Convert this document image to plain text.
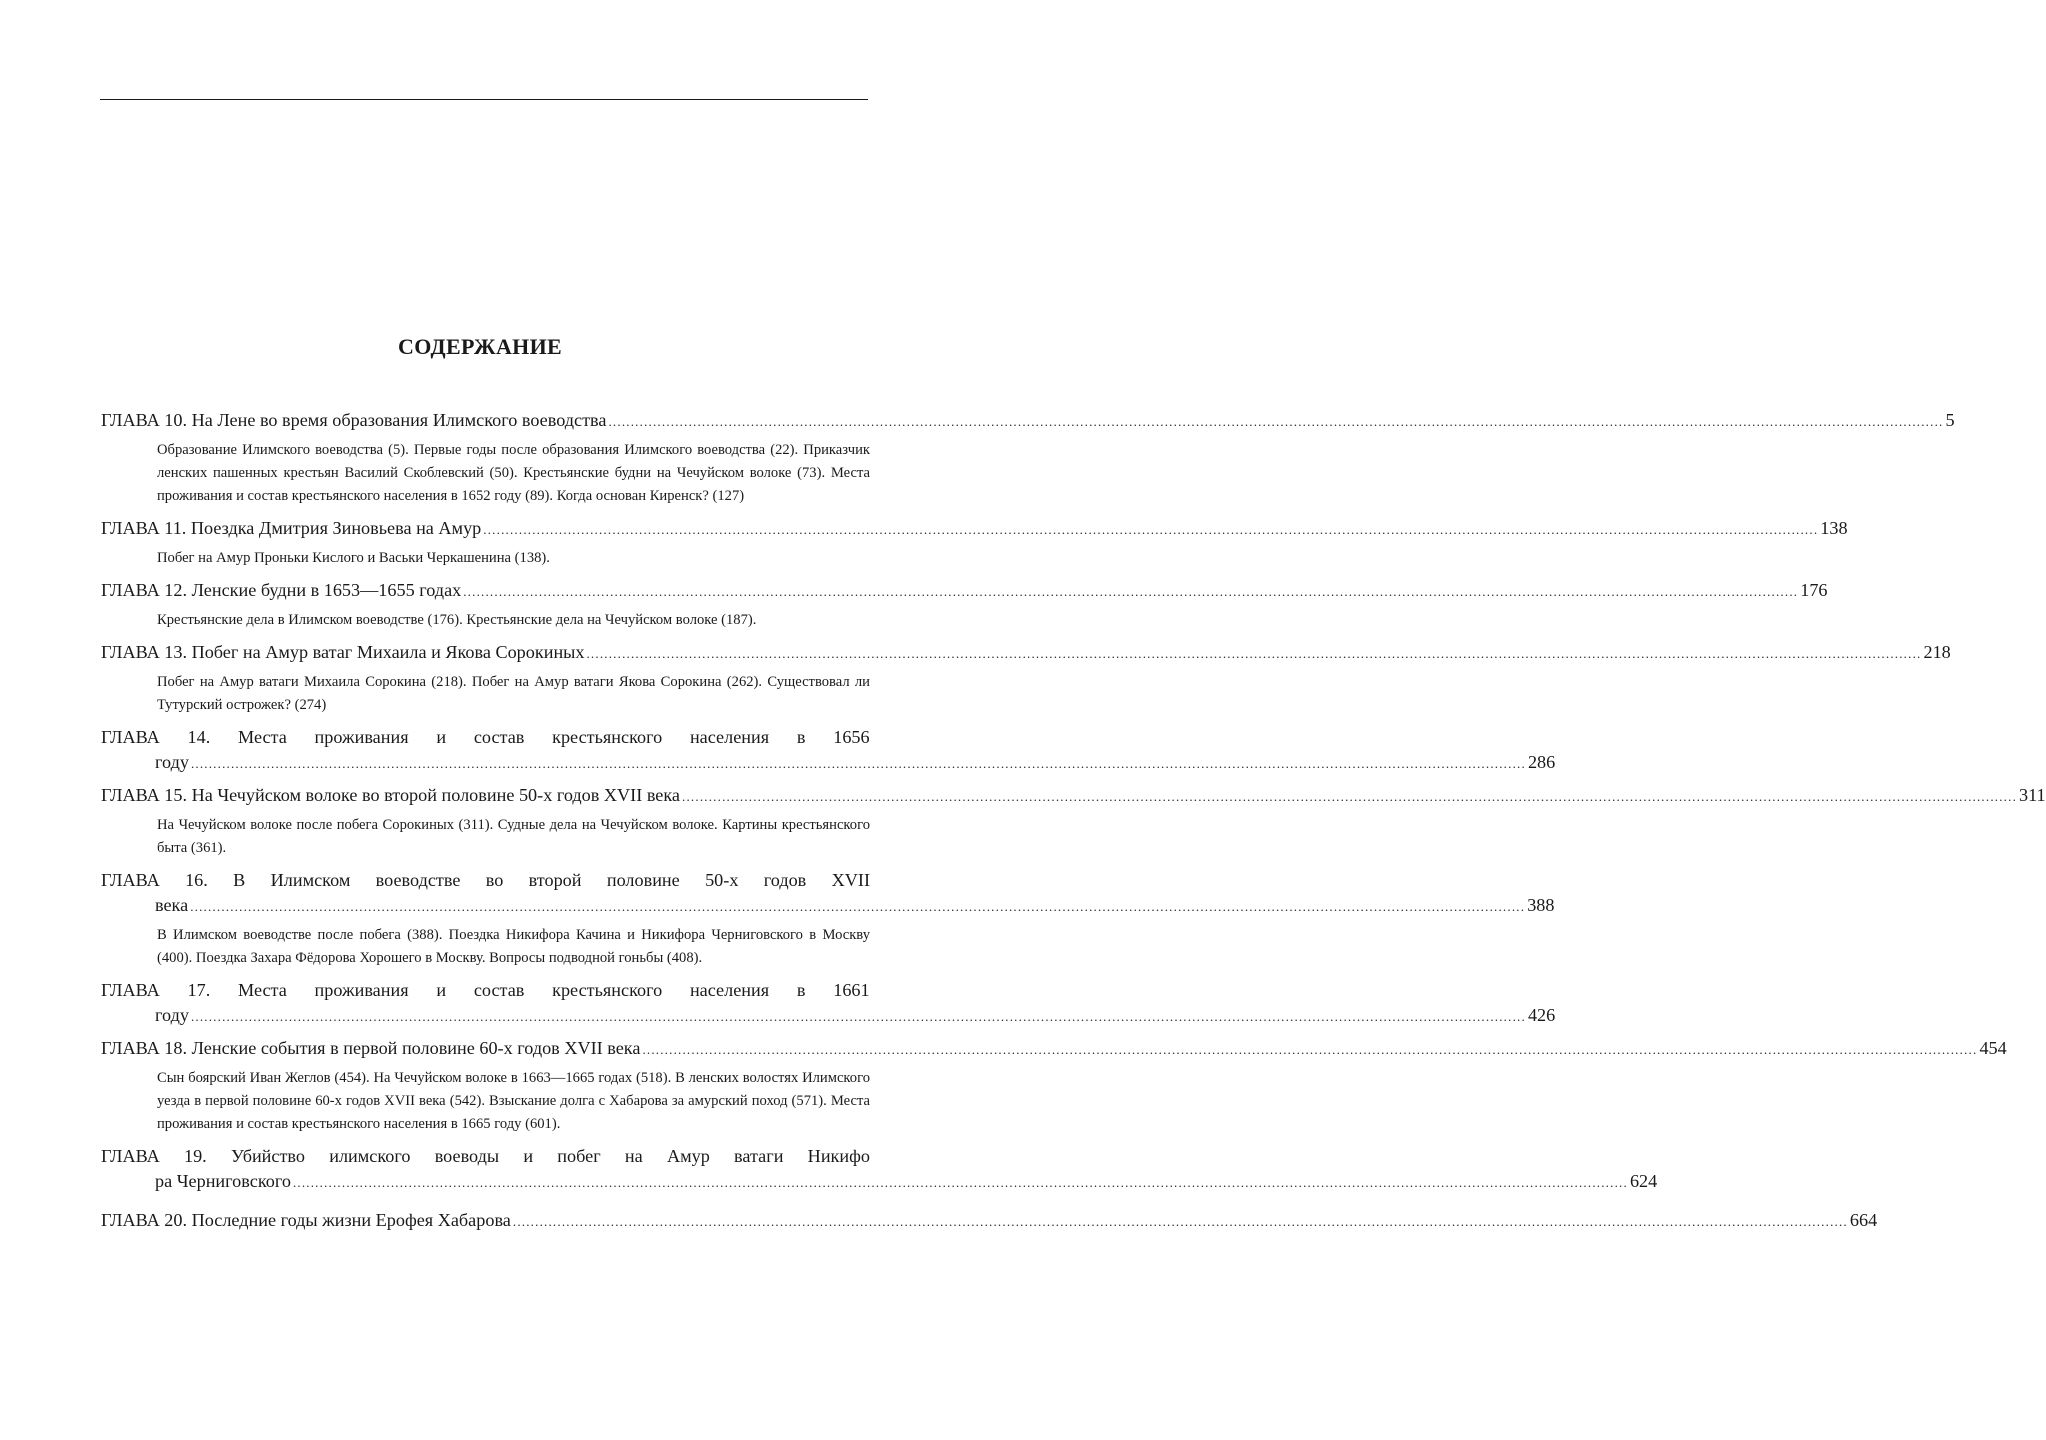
СОДЕРЖАНИЕ
ГЛАВА 10. На Лене во время образования Илимского воеводства ............................................................................................................................................................................................................................................................................................................ 5
Образование Илимского воеводства (5). Первые годы после образования Илимского воеводства (22). Приказчик ленских пашенных крестьян Василий Скоблевский (50). Крестьянские будни на Чечуйском волоке (73). Места проживания и состав крестьянского населения в 1652 году (89). Когда основан Киренск? (127)
ГЛАВА 11. Поездка Дмитрия Зиновьева на Амур ............................................................................................................................................................................................................................................................................................................ 138
Побег на Амур Проньки Кислого и Васьки Черкашенина (138).
ГЛАВА 12. Ленские будни в 1653—1655 годах ............................................................................................................................................................................................................................................................................................................ 176
Крестьянские дела в Илимском воеводстве (176). Крестьянские дела на Чечуйском волоке (187).
ГЛАВА 13. Побег на Амур ватаг Михаила и Якова Сорокиных ............................................................................................................................................................................................................................................................................................................ 218
Побег на Амур ватаги Михаила Сорокина (218). Побег на Амур ватаги Якова Сорокина (262). Существовал ли Тутурский острожек? (274)
ГЛАВА 14. Места проживания и состав крестьянского населения в 1656
году ............................................................................................................................................................................................................................................................................................................ 286
ГЛАВА 15. На Чечуйском волоке во второй половине 50-х годов XVII века ............................................................................................................................................................................................................................................................................................................ 311
На Чечуйском волоке после побега Сорокиных (311). Судные дела на Чечуйском волоке. Картины крестьянского быта (361).
ГЛАВА 16. В Илимском воеводстве во второй половине 50-х годов XVII
века ............................................................................................................................................................................................................................................................................................................ 388
В Илимском воеводстве после побега (388). Поездка Никифора Качина и Никифора Черниговского в Москву (400). Поездка Захара Фёдорова Хорошего в Москву. Вопросы подводной гоньбы (408).
ГЛАВА 17. Места проживания и состав крестьянского населения в 1661
году ............................................................................................................................................................................................................................................................................................................ 426
ГЛАВА 18. Ленские события в первой половине 60-х годов XVII века ............................................................................................................................................................................................................................................................................................................ 454
Сын боярский Иван Жеглов (454). На Чечуйском волоке в 1663—1665 годах (518). В ленских волостях Илимского уезда в первой половине 60-х годов XVII века (542). Взыскание долга с Хабарова за амурский поход (571). Места проживания и состав крестьянского населения в 1665 году (601).
ГЛАВА 19. Убийство илимского воеводы и побег на Амур ватаги Никифо
ра Черниговского ............................................................................................................................................................................................................................................................................................................ 624
ГЛАВА 20. Последние годы жизни Ерофея Хабарова ............................................................................................................................................................................................................................................................................................................ 664
